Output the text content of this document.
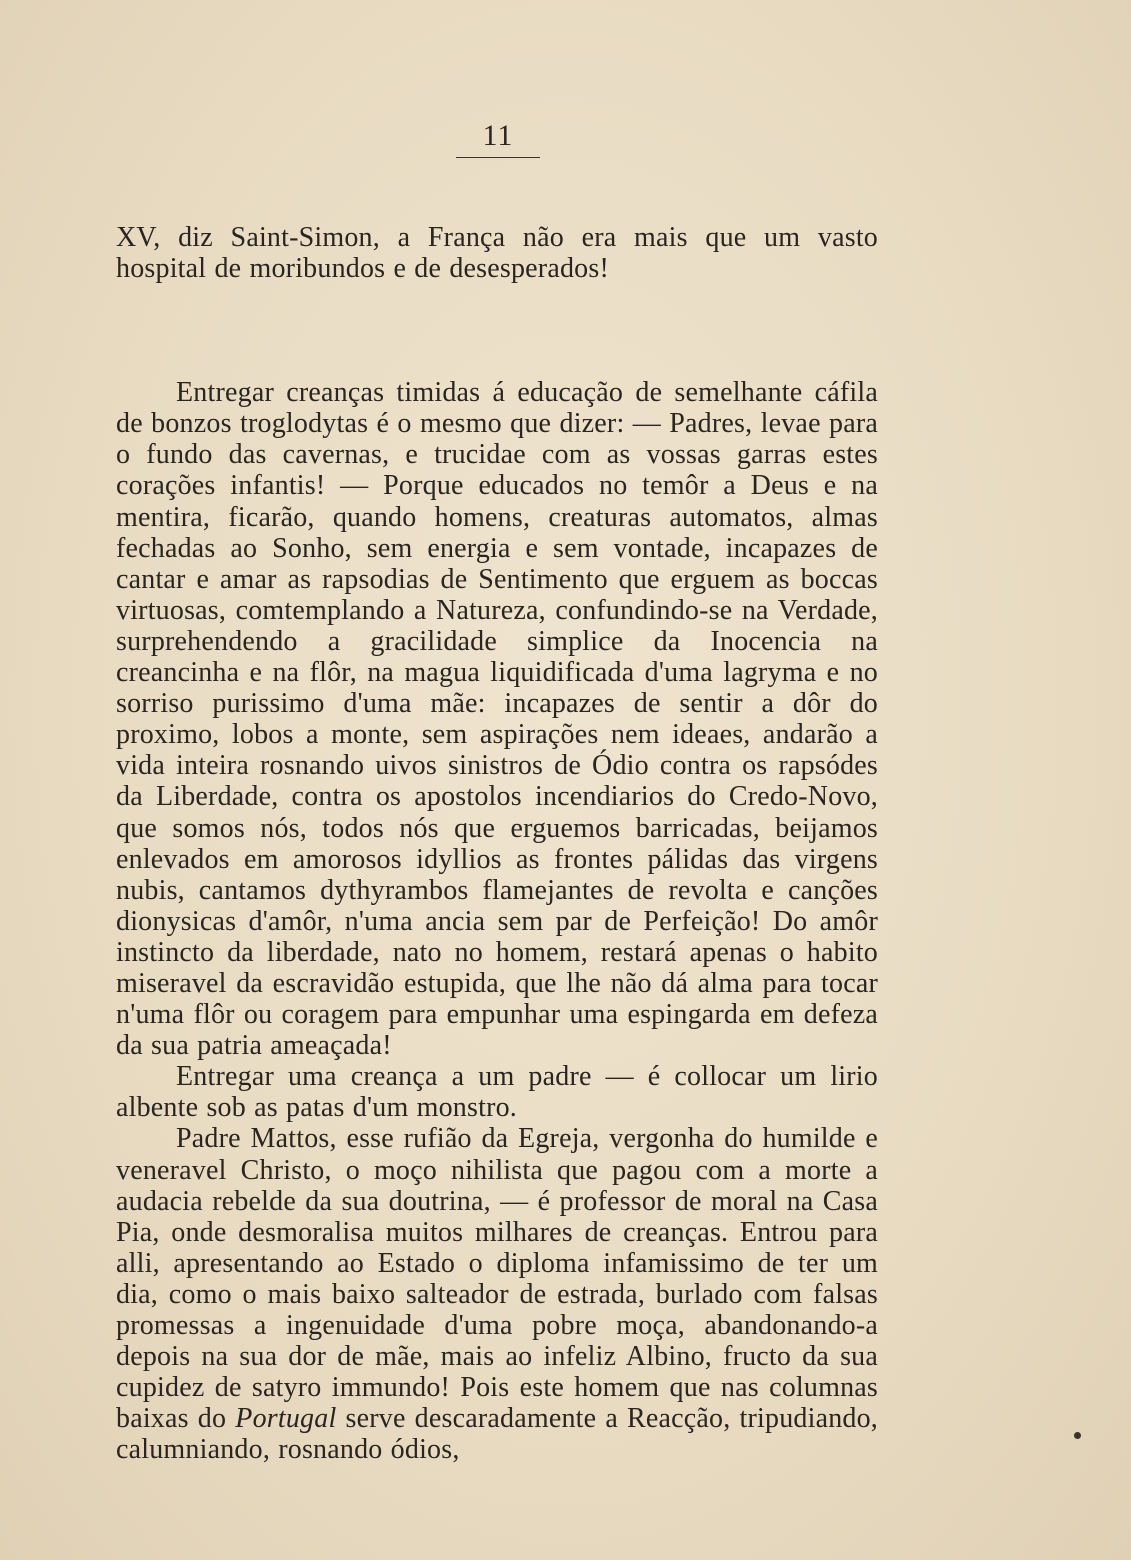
11

XV, diz Saint-Simon, a França não era mais que um vasto hospital de moribundos e de desesperados!

Entregar creanças timidas á educação de semelhante cáfila de bonzos troglodytas é o mesmo que dizer: — Padres, levae para o fundo das cavernas, e trucidae com as vossas garras estes corações infantis! — Porque educados no temôr a Deus e na mentira, ficarão, quando homens, creaturas automatos, almas fechadas ao Sonho, sem energia e sem vontade, incapazes de cantar e amar as rapsodias de Sentimento que erguem as boccas virtuosas, comtemplando a Natureza, confundindo-se na Verdade, surprehendendo a gracilidade simplice da Inocencia na creancinha e na flôr, na magua liquidificada d'uma lagryma e no sorriso purissimo d'uma mãe: incapazes de sentir a dôr do proximo, lobos a monte, sem aspirações nem ideaes, andarão a vida inteira rosnando uivos sinistros de Ódio contra os rapsódes da Liberdade, contra os apostolos incendiarios do Credo-Novo, que somos nós, todos nós que erguemos barricadas, beijamos enlevados em amorosos idyllios as frontes pálidas das virgens nubis, cantamos dythyrambos flamejantes de revolta e canções dionysicas d'amôr, n'uma ancia sem par de Perfeição! Do amôr instincto da liberdade, nato no homem, restará apenas o habito miseravel da escravidão estupida, que lhe não dá alma para tocar n'uma flôr ou coragem para empunhar uma espingarda em defeza da sua patria ameaçada!

Entregar uma creança a um padre — é collocar um lirio albente sob as patas d'um monstro.

Padre Mattos, esse rufião da Egreja, vergonha do humilde e veneravel Christo, o moço nihilista que pagou com a morte a audacia rebelde da sua doutrina, — é professor de moral na Casa Pia, onde desmoralisa muitos milhares de creanças. Entrou para alli, apresentando ao Estado o diploma infamissimo de ter um dia, como o mais baixo salteador de estrada, burlado com falsas promessas a ingenuidade d'uma pobre moça, abandonando-a depois na sua dor de mãe, mais ao infeliz Albino, fructo da sua cupidez de satyro immundo! Pois este homem que nas columnas baixas do Portugal serve descaradamente a Reacção, tripudiando, calumniando, rosnando ódios,
